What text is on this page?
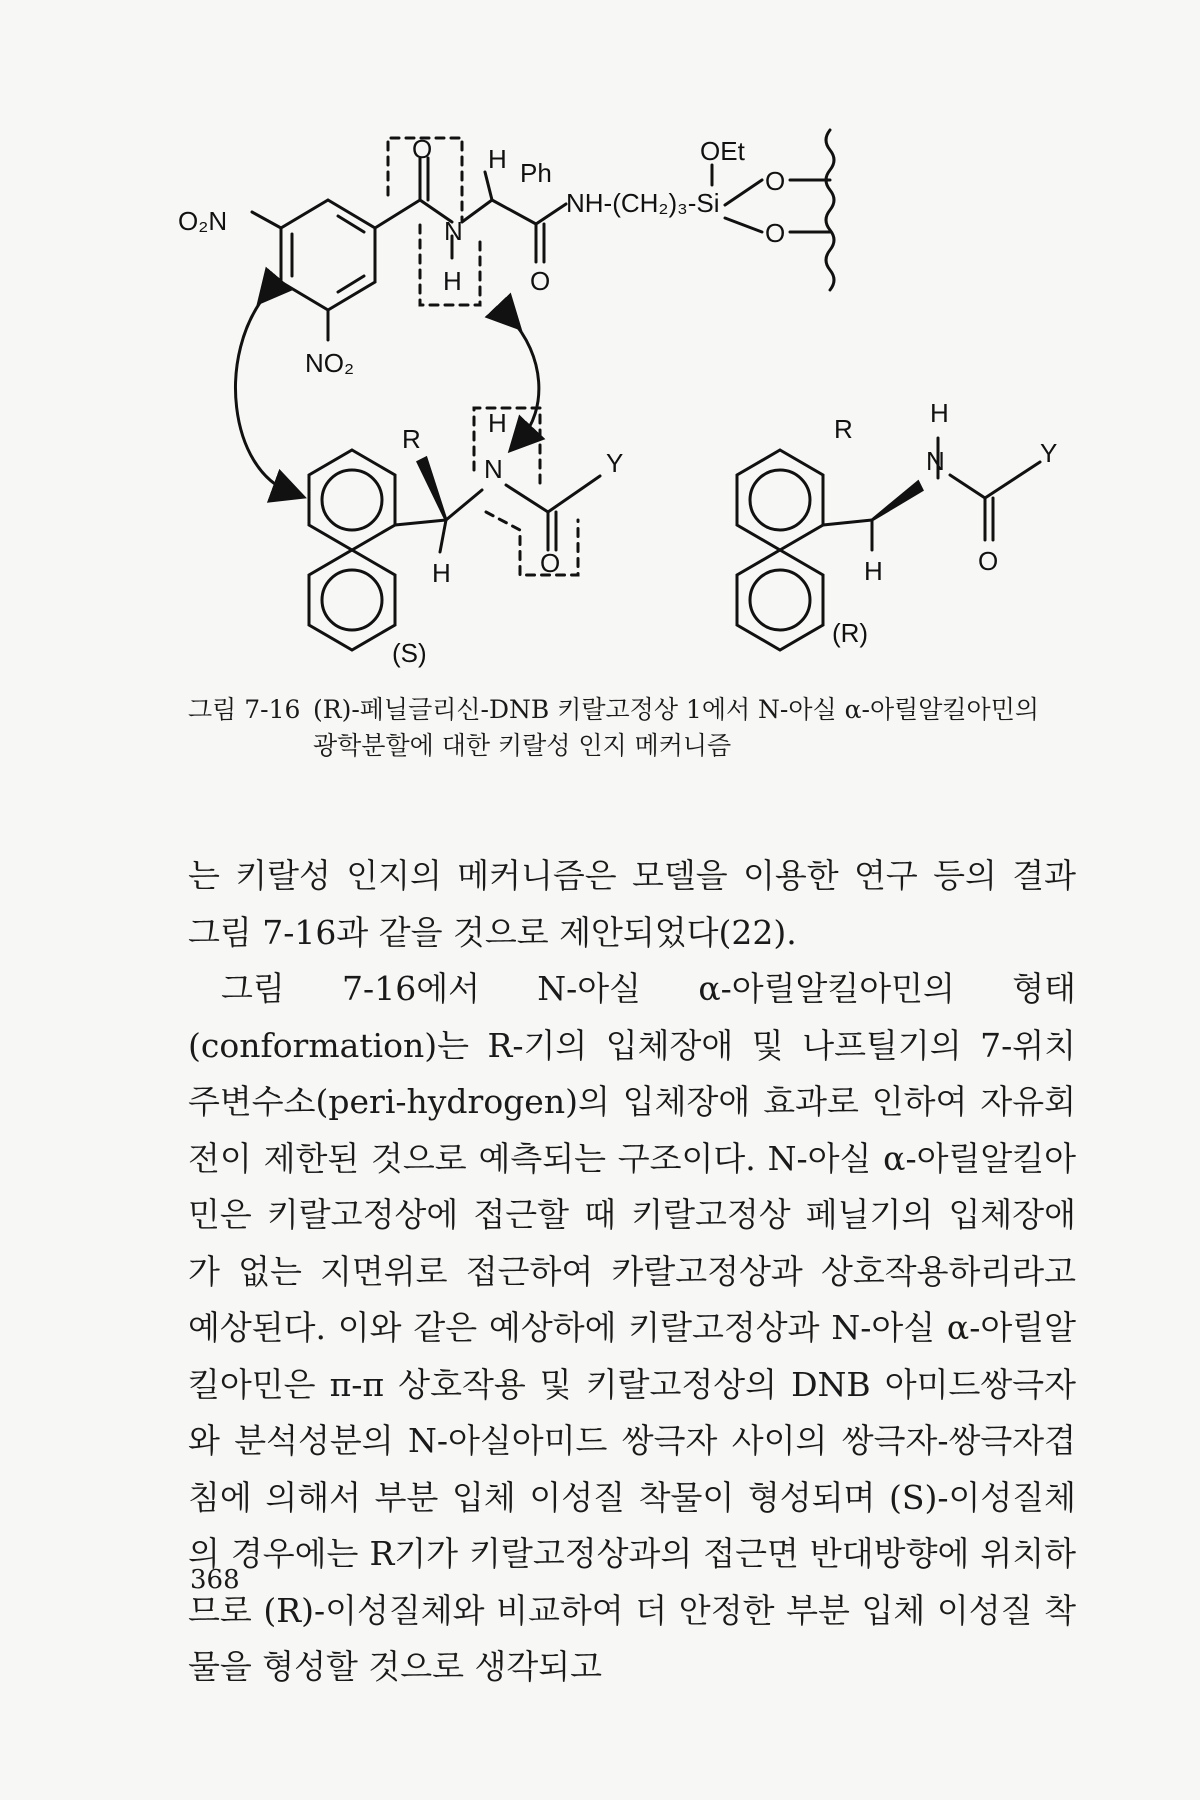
O₂N
NO₂
O H Ph
N
H	O
NH-(CH₂)₃-Si
OEt
O
O
R
H
N	Y
H	O
H
R
N	Y
H	O
(S)
(R)
그림 7-16 (R)-페닐글리신-DNB 키랄고정상 1에서 N-아실 α-아릴알킬아민의
광학분할에 대한 키랄성 인지 메커니즘

는 키랄성 인지의 메커니즘은 모델을 이용한 연구 등의 결과 그림 7-16과 같을 것으로 제안되었다(22).

그림 7-16에서 N-아실 α-아릴알킬아민의 형태(conformation)는 R-기의 입체장애 및 나프틸기의 7-위치 주변수소(peri-hydrogen)의 입체장애 효과로 인하여 자유회전이 제한된 것으로 예측되는 구조이다. N-아실 α-아릴알킬아민은 키랄고정상에 접근할 때 키랄고정상 페닐기의 입체장애가 없는 지면위로 접근하여 카랄고정상과 상호작용하리라고 예상된다. 이와 같은 예상하에 키랄고정상과 N-아실 α-아릴알킬아민은 π-π 상호작용 및 키랄고정상의 DNB 아미드쌍극자와 분석성분의 N-아실아미드 쌍극자 사이의 쌍극자-쌍극자겹침에 의해서 부분 입체 이성질 착물이 형성되며 (S)-이성질체의 경우에는 R기가 키랄고정상과의 접근면 반대방향에 위치하므로 (R)-이성질체와 비교하여 더 안정한 부분 입체 이성질 착물을 형성할 것으로 생각되고

368
